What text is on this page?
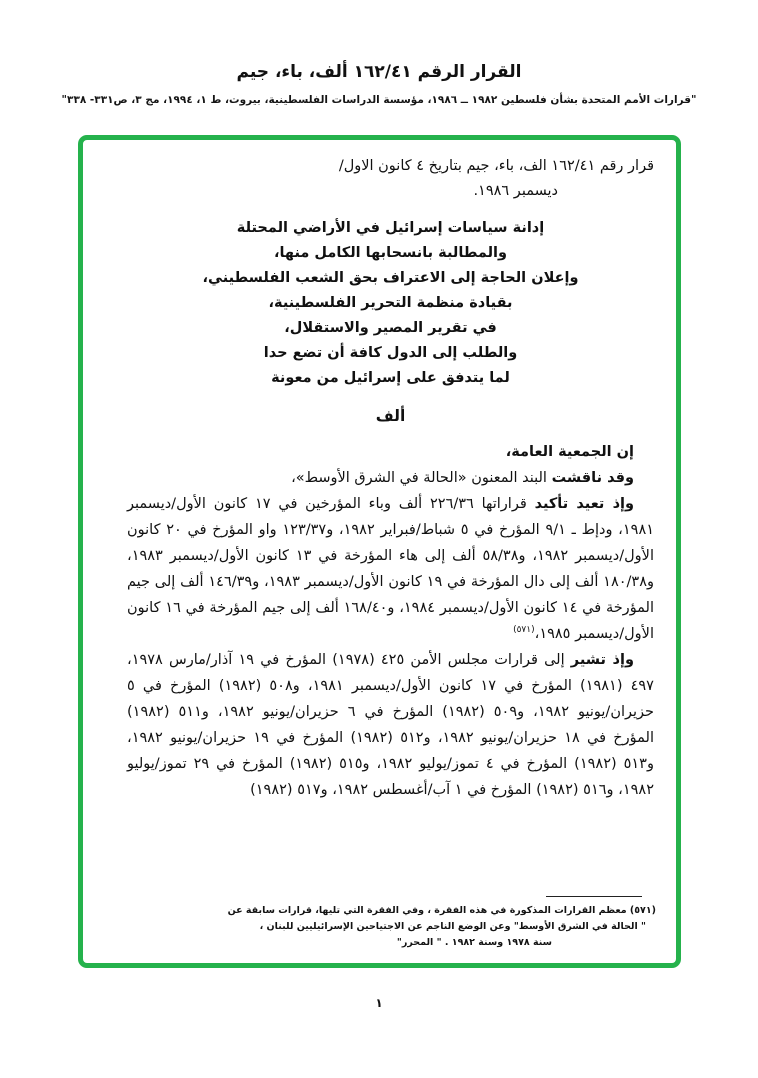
القرار الرقم ١٦٢/٤١ ألف، باء، جيم
"قرارات الأمم المتحدة بشأن فلسطين ١٩٨٢ ــ ١٩٨٦، مؤسسة الدراسات الفلسطينية، بيروت، ط ١، ١٩٩٤، مج ٣، ص٣٣١- ٣٣٨"
قرار رقم ١٦٢/٤١ الف، باء، جيم بتاريخ ٤ كانون الاول/
ديسمبر ١٩٨٦.
إدانة سياسات إسرائيل في الأراضي المحتلة
والمطالبة بانسحابها الكامل منها،
وإعلان الحاجة إلى الاعتراف بحق الشعب الفلسطيني،
بقيادة منظمة التحرير الفلسطينية،
في تقرير المصير والاستقلال،
والطلب إلى الدول كافة أن تضع حدا
لما يتدفق على إسرائيل من معونة
ألف

إن الجمعية العامة،

وقد ناقشت البند المعنون «الحالة في الشرق الأوسط»،

وإذ تعيد تأكيد قراراتها ٢٢٦/٣٦ ألف وباء المؤرخين في ١٧ كانون الأول/ديسمبر ١٩٨١، ودإط ـ ٩/١ المؤرخ في ٥ شباط/فبراير ١٩٨٢، و١٢٣/٣٧ واو المؤرخ في ٢٠ كانون الأول/ديسمبر ١٩٨٢، و٥٨/٣٨ ألف إلى هاء المؤرخة في ١٣ كانون الأول/ديسمبر ١٩٨٣، و١٨٠/٣٨ ألف إلى دال المؤرخة في ١٩ كانون الأول/ديسمبر ١٩٨٣، و١٤٦/٣٩ ألف إلى جيم المؤرخة في ١٤ كانون الأول/ديسمبر ١٩٨٤، و١٦٨/٤٠ ألف إلى جيم المؤرخة في ١٦ كانون الأول/ديسمبر ١٩٨٥،$^{(٥٧١)}$

وإذ تشير إلى قرارات مجلس الأمن ٤٢٥ (١٩٧٨) المؤرخ في ١٩ آذار/مارس ١٩٧٨، ٤٩٧ (١٩٨١) المؤرخ في ١٧ كانون الأول/ديسمبر ١٩٨١، و٥٠٨ (١٩٨٢) المؤرخ في ٥ حزيران/يونيو ١٩٨٢، و٥٠٩ (١٩٨٢) المؤرخ في ٦ حزيران/يونيو ١٩٨٢، و٥١١ (١٩٨٢) المؤرخ في ١٨ حزيران/يونيو ١٩٨٢، و٥١٢ (١٩٨٢) المؤرخ في ١٩ حزيران/يونيو ١٩٨٢، و٥١٣ (١٩٨٢) المؤرخ في ٤ تموز/يوليو ١٩٨٢، و٥١٥ (١٩٨٢) المؤرخ في ٢٩ تموز/يوليو ١٩٨٢، و٥١٦ (١٩٨٢) المؤرخ في ١ آب/أغسطس ١٩٨٢، و٥١٧ (١٩٨٢)

(٥٧١) معظم القرارات المذكورة في هذه الفقرة ، وفي الفقرة التي تليها، قرارات سابقة عن
" الحالة في الشرق الأوسط" وعن الوضع الناجم عن الاجتياحين الإسرائيليين للبنان ،
سنة ١٩٧٨ وسنة ١٩٨٢ . " المحرر"
١
